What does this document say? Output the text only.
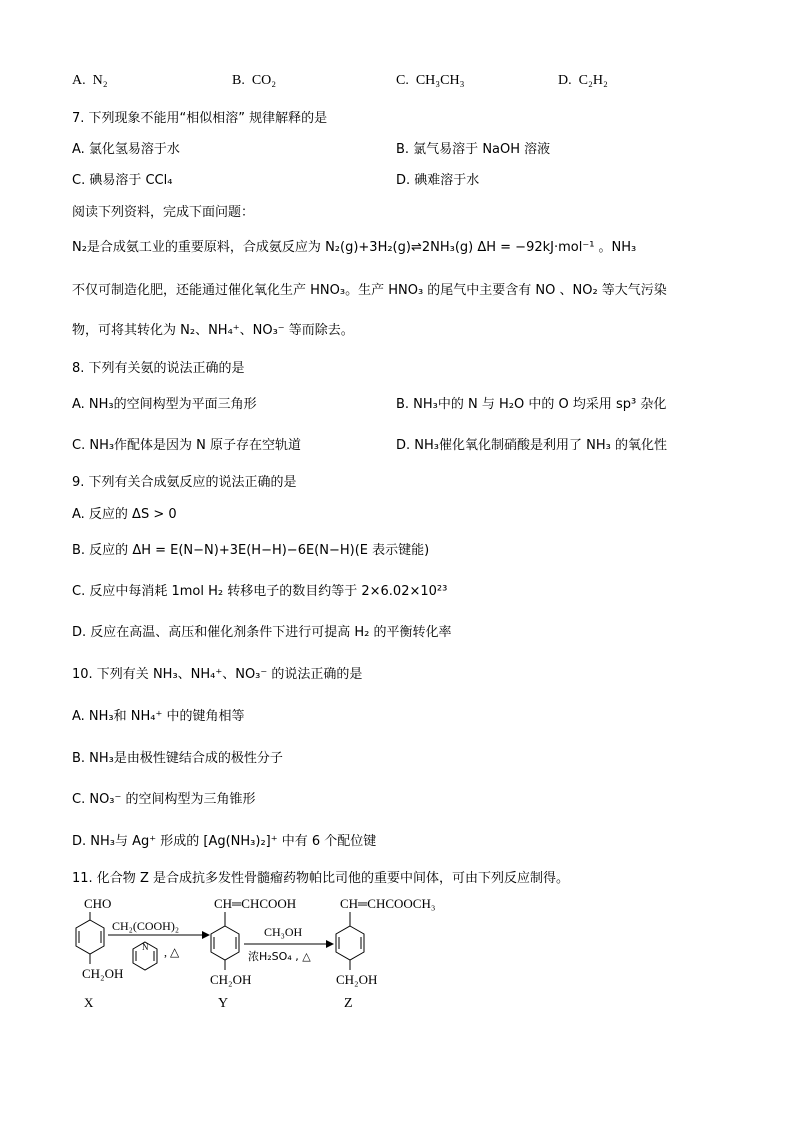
A. N₂	B. CO₂	C. CH₃CH₃	D. C₂H₂
7. 下列现象不能用“相似相溶” 规律解释的是
A. 氯化氢易溶于水	B. 氯气易溶于 NaOH 溶液
C. 碘易溶于 CCl₄	D. 碘难溶于水
阅读下列资料，完成下面问题：
N₂是合成氨工业的重要原料，合成氨反应为 N₂(g)+3H₂(g)⇌2NH₃(g) ΔH = −92kJ·mol⁻¹ 。NH₃
不仅可制造化肥，还能通过催化氧化生产 HNO₃。生产 HNO₃ 的尾气中主要含有 NO 、NO₂ 等大气污染
物，可将其转化为 N₂、NH₄⁺、NO₃⁻ 等而除去。
8. 下列有关氨的说法正确的是
A. NH₃的空间构型为平面三角形	B. NH₃中的 N 与 H₂O 中的 O 均采用 sp³ 杂化
C. NH₃作配体是因为 N 原子存在空轨道	D. NH₃催化氧化制硝酸是利用了 NH₃ 的氧化性
9. 下列有关合成氨反应的说法正确的是
A. 反应的 ΔS > 0
B. 反应的 ΔH = E(N−N)+3E(H−H)−6E(N−H)(E 表示键能)
C. 反应中每消耗 1mol H₂ 转移电子的数目约等于 2×6.02×10²³
D. 反应在高温、高压和催化剂条件下进行可提高 H₂ 的平衡转化率
10. 下列有关 NH₃、NH₄⁺、NO₃⁻ 的说法正确的是
A. NH₃和 NH₄⁺ 中的键角相等
B. NH₃是由极性键结合成的极性分子
C. NO₃⁻ 的空间构型为三角锥形
D. NH₃与 Ag⁺ 形成的 [Ag(NH₃)₂]⁺ 中有 6 个配位键
11. 化合物 Z 是合成抗多发性骨髓瘤药物帕比司他的重要中间体，可由下列反应制得。
CHO
CH₂OH
X
CH₂(COOH)₂
N , △
CH═CHCOOH
CH₂OH
Y
CH₃OH
浓H₂SO₄ , △
CH═CHCOOCH₃
CH₂OH
Z
